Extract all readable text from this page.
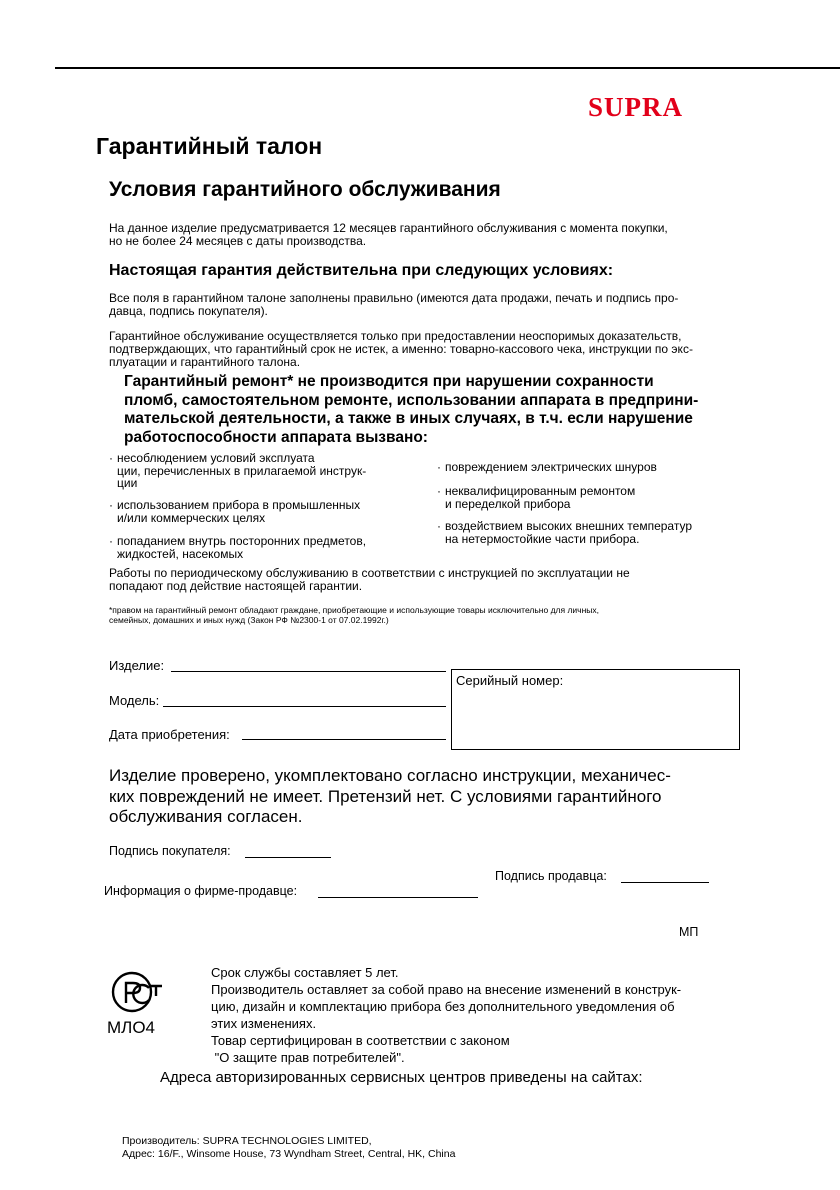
SUPRA
Гарантийный талон
Условия гарантийного обслуживания
На данное изделие предусматривается 12 месяцев гарантийного обслуживания с момента покупки,
но не более 24 месяцев с даты производства.
Настоящая гарантия действительна при следующих условиях:
Все поля в гарантийном талоне заполнены правильно (имеются дата продажи, печать и подпись про-
давца, подпись покупателя).
Гарантийное обслуживание осуществляется только при предоставлении неоспоримых доказательств,
подтверждающих, что гарантийный срок не истек, а именно: товарно-кассового чека, инструкции по экс-
плуатации и гарантийного талона.
Гарантийный ремонт* не производится при нарушении сохранности
пломб, самостоятельном ремонте, использовании аппарата в предприни-
мательской деятельности, а также в иных случаях, в т.ч. если нарушение
работоспособности аппарата вызвано:
· несоблюдением условий эксплуата
ции, перечисленных в прилагаемой инструк-
ции
· использованием прибора в промышленных
и/или коммерческих целях
· попаданием внутрь посторонних предметов,
жидкостей, насекомых
· повреждением электрических шнуров
· неквалифицированным ремонтом
и переделкой прибора
· воздействием высоких внешних температур
на нетермостойкие части прибора.
Работы по периодическому обслуживанию в соответствии с инструкцией по эксплуатации не
попадают под действие настоящей гарантии.
*правом на гарантийный ремонт обладают граждане, приобретающие и использующие товары исключительно для личных,
семейных, домашних и иных нужд (Закон РФ №2300-1 от 07.02.1992г.)
Изделие:
Модель:
Дата приобретения:
Серийный номер:
Изделие проверено, укомплектовано согласно инструкции, механичес-
ких повреждений не имеет. Претензий нет. С условиями гарантийного
обслуживания согласен.
Подпись покупателя:
Подпись продавца:
Информация о фирме-продавце:
МП
МЛО4
Срок службы составляет 5 лет.
Производитель оставляет за собой право на внесение изменений в конструк-
цию, дизайн и комплектацию прибора без дополнительного уведомления об
этих изменениях.
Товар сертифицирован в соответствии с законом
"О защите прав потребителей".
Адреса авторизированных сервисных центров приведены на сайтах:
Производитель: SUPRA TECHNOLOGIES LIMITED,
Адрес: 16/F., Winsome House, 73 Wyndham Street, Central, HK, China
